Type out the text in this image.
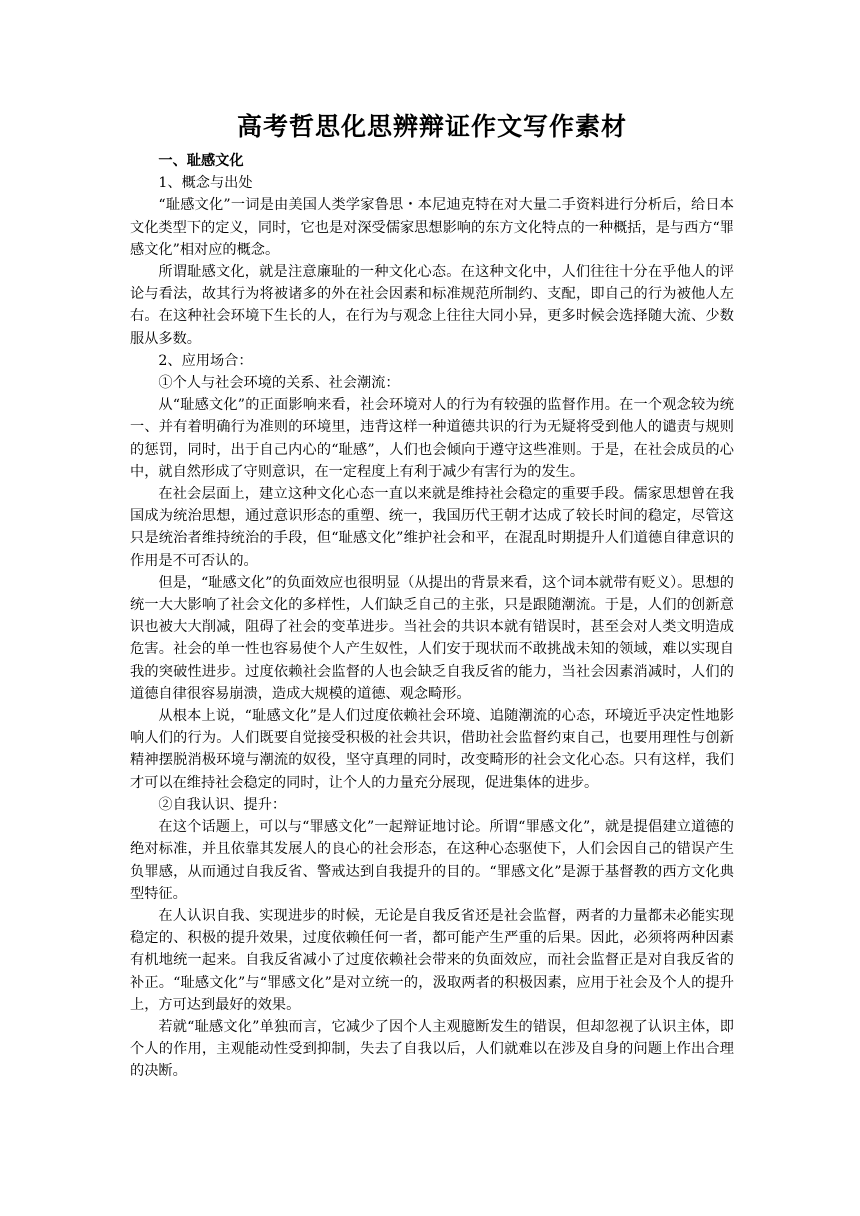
高考哲思化思辨辩证作文写作素材

一、耻感文化

1、概念与出处

“耻感文化”一词是由美国人类学家鲁思・本尼迪克特在对大量二手资料进行分析后，给日本文化类型下的定义，同时，它也是对深受儒家思想影响的东方文化特点的一种概括，是与西方“罪感文化”相对应的概念。

所谓耻感文化，就是注意廉耻的一种文化心态。在这种文化中，人们往往十分在乎他人的评论与看法，故其行为将被诸多的外在社会因素和标准规范所制约、支配，即自己的行为被他人左右。在这种社会环境下生长的人，在行为与观念上往往大同小异，更多时候会选择随大流、少数服从多数。

2、应用场合：

①个人与社会环境的关系、社会潮流：

从“耻感文化”的正面影响来看，社会环境对人的行为有较强的监督作用。在一个观念较为统一、并有着明确行为准则的环境里，违背这样一种道德共识的行为无疑将受到他人的谴责与规则的惩罚，同时，出于自己内心的“耻感”，人们也会倾向于遵守这些准则。于是，在社会成员的心中，就自然形成了守则意识，在一定程度上有利于减少有害行为的发生。

在社会层面上，建立这种文化心态一直以来就是维持社会稳定的重要手段。儒家思想曾在我国成为统治思想，通过意识形态的重塑、统一，我国历代王朝才达成了较长时间的稳定，尽管这只是统治者维持统治的手段，但“耻感文化”维护社会和平，在混乱时期提升人们道德自律意识的作用是不可否认的。

但是，“耻感文化”的负面效应也很明显（从提出的背景来看，这个词本就带有贬义）。思想的统一大大影响了社会文化的多样性，人们缺乏自己的主张，只是跟随潮流。于是，人们的创新意识也被大大削减，阻碍了社会的变革进步。当社会的共识本就有错误时，甚至会对人类文明造成危害。社会的单一性也容易使个人产生奴性，人们安于现状而不敢挑战未知的领域，难以实现自我的突破性进步。过度依赖社会监督的人也会缺乏自我反省的能力，当社会因素消减时，人们的道德自律很容易崩溃，造成大规模的道德、观念畸形。

从根本上说，“耻感文化”是人们过度依赖社会环境、追随潮流的心态，环境近乎决定性地影响人们的行为。人们既要自觉接受积极的社会共识，借助社会监督约束自己，也要用理性与创新精神摆脱消极环境与潮流的奴役，坚守真理的同时，改变畸形的社会文化心态。只有这样，我们才可以在维持社会稳定的同时，让个人的力量充分展现，促进集体的进步。

②自我认识、提升：

在这个话题上，可以与“罪感文化”一起辩证地讨论。所谓“罪感文化”，就是提倡建立道德的绝对标准，并且依靠其发展人的良心的社会形态，在这种心态驱使下，人们会因自己的错误产生负罪感，从而通过自我反省、警戒达到自我提升的目的。“罪感文化”是源于基督教的西方文化典型特征。

在人认识自我、实现进步的时候，无论是自我反省还是社会监督，两者的力量都未必能实现稳定的、积极的提升效果，过度依赖任何一者，都可能产生严重的后果。因此，必须将两种因素有机地统一起来。自我反省减小了过度依赖社会带来的负面效应，而社会监督正是对自我反省的补正。“耻感文化”与“罪感文化”是对立统一的，汲取两者的积极因素，应用于社会及个人的提升上，方可达到最好的效果。

若就“耻感文化”单独而言，它减少了因个人主观臆断发生的错误，但却忽视了认识主体，即个人的作用，主观能动性受到抑制，失去了自我以后，人们就难以在涉及自身的问题上作出合理的决断。
